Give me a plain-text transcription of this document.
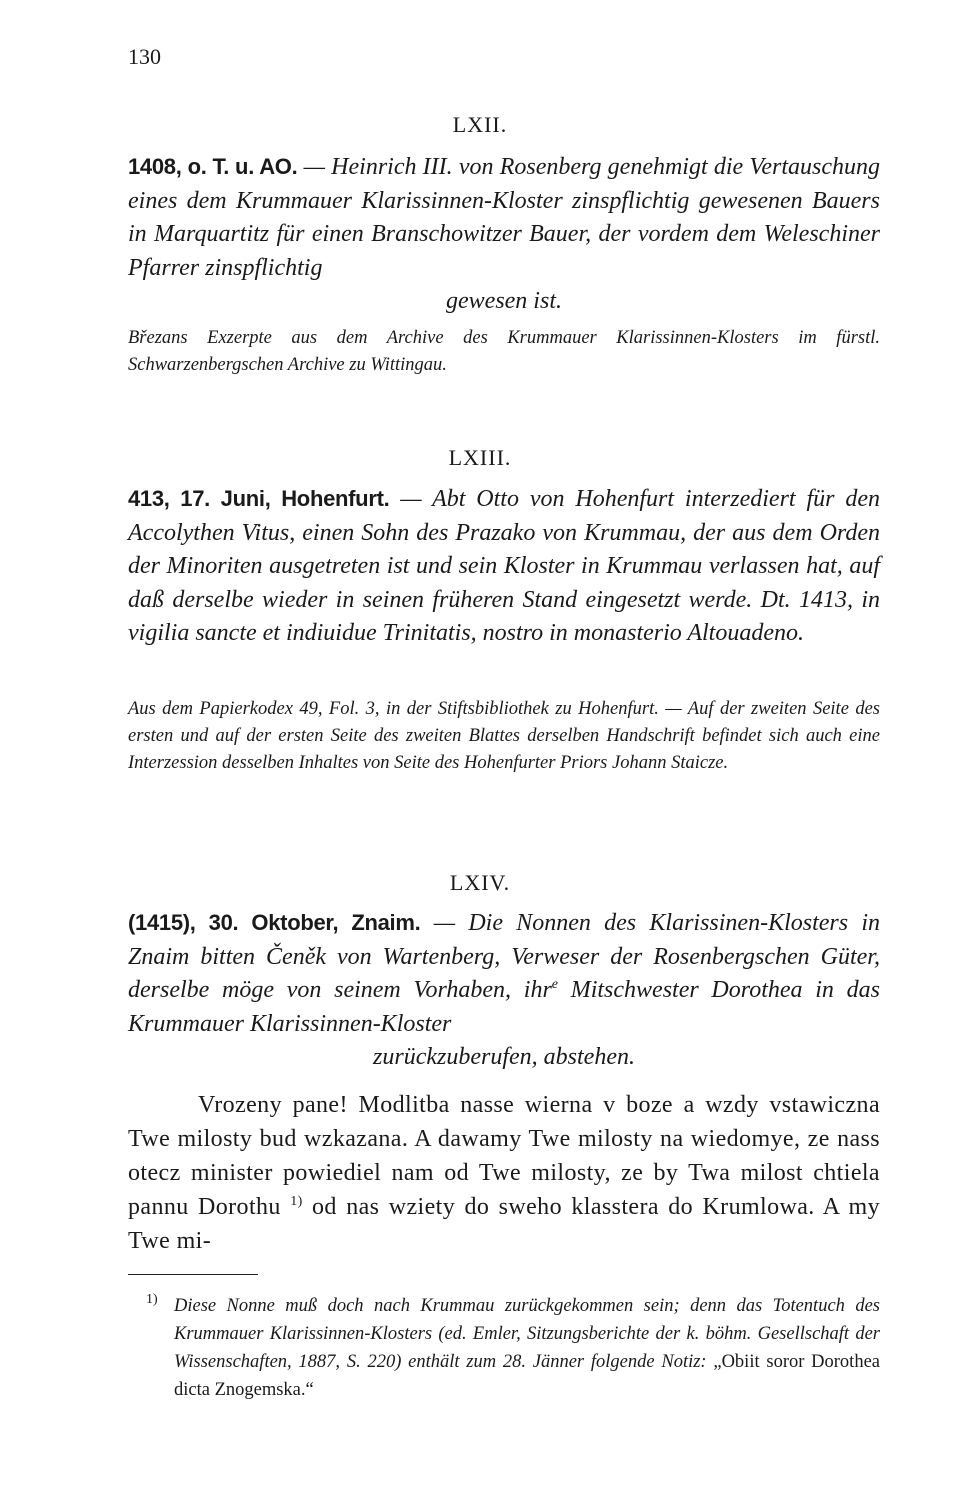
130
LXII.
1408, o. T. u. AO. — Heinrich III. von Rosenberg genehmigt die Vertauschung eines dem Krummauer Klarissinnen-Kloster zinspflichtig gewesenen Bauers in Marquartitz für einen Branschowitzer Bauer, der vordem dem Weleschiner Pfarrer zinspflichtig
gewesen ist.
Březans Exzerpte aus dem Archive des Krummauer Klarissinnen-Klosters im fürstl. Schwarzenbergschen Archive zu Wittingau.
LXIII.
413, 17. Juni, Hohenfurt. — Abt Otto von Hohenfurt interzediert für den Accolythen Vitus, einen Sohn des Prazako von Krummau, der aus dem Orden der Minoriten ausgetreten ist und sein Kloster in Krummau verlassen hat, auf daß derselbe wieder in seinen früheren Stand eingesetzt werde. Dt. 1413, in vigilia sancte et indiuidue Trinitatis, nostro in monasterio Altouadeno.
Aus dem Papierkodex 49, Fol. 3, in der Stiftsbibliothek zu Hohenfurt. — Auf der zweiten Seite des ersten und auf der ersten Seite des zweiten Blattes derselben Handschrift befindet sich auch eine Interzession desselben Inhaltes von Seite des Hohenfurter Priors Johann Staicze.
LXIV.
(1415), 30. Oktober, Znaim. — Die Nonnen des Klarissinen-Klosters in Znaim bitten Čeněk von Wartenberg, Verweser der Rosenbergschen Güter, derselbe möge von seinem Vorhaben, ihr$^e$ Mitschwester Dorothea in das Krummauer Klarissinnen-Kloster
zurückzuberufen, abstehen.
Vrozeny pane! Modlitba nasse wierna v boze a wzdy vstawiczna Twe milosty bud wzkazana. A dawamy Twe milosty na wiedomye, ze nass otecz minister powiediel nam od Twe milosty, ze by Twa milost chtiela pannu Dorothu $^{1)}$ od nas wziety do sweho klasstera do Krumlowa. A my Twe mi-
1) Diese Nonne muß doch nach Krummau zurückgekommen sein; denn das Totentuch des Krummauer Klarissinnen-Klosters (ed. Emler, Sitzungsberichte der k. böhm. Gesellschaft der Wissenschaften, 1887, S. 220) enthält zum 28. Jänner folgende Notiz: „Obiit soror Dorothea dicta Znogemska.“
